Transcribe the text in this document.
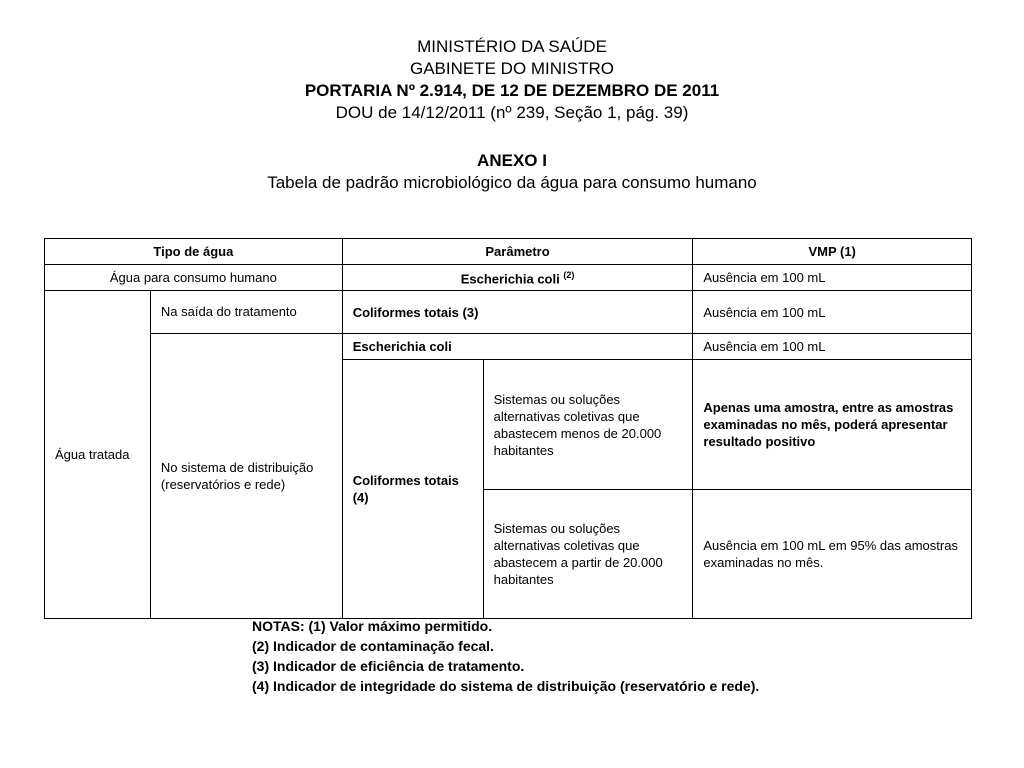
MINISTÉRIO DA SAÚDE
GABINETE DO MINISTRO
PORTARIA Nº 2.914, DE 12 DE DEZEMBRO DE 2011
DOU de 14/12/2011 (nº 239, Seção 1, pág. 39)
ANEXO I
Tabela de padrão microbiológico da água para consumo humano
Tipo de água		Parâmetro		VMP (1)
Água para consumo humano		Escherichia coli $^{(2)}$		Ausência em 100 mL
Água tratada	Na saída do tratamento	Coliformes totais (3)		Ausência em 100 mL
	No sistema de distribuição (reservatórios e rede)	Escherichia coli		Ausência em 100 mL
		Coliformes totais (4)	Sistemas ou soluções alternativas coletivas que abastecem menos de 20.000 habitantes	Apenas uma amostra, entre as amostras examinadas no mês, poderá apresentar resultado positivo
			Sistemas ou soluções alternativas coletivas que abastecem a partir de 20.000 habitantes	Ausência em 100 mL em 95% das amostras examinadas no mês.
NOTAS: (1) Valor máximo permitido.
(2) Indicador de contaminação fecal.
(3) Indicador de eficiência de tratamento.
(4) Indicador de integridade do sistema de distribuição (reservatório e rede).
